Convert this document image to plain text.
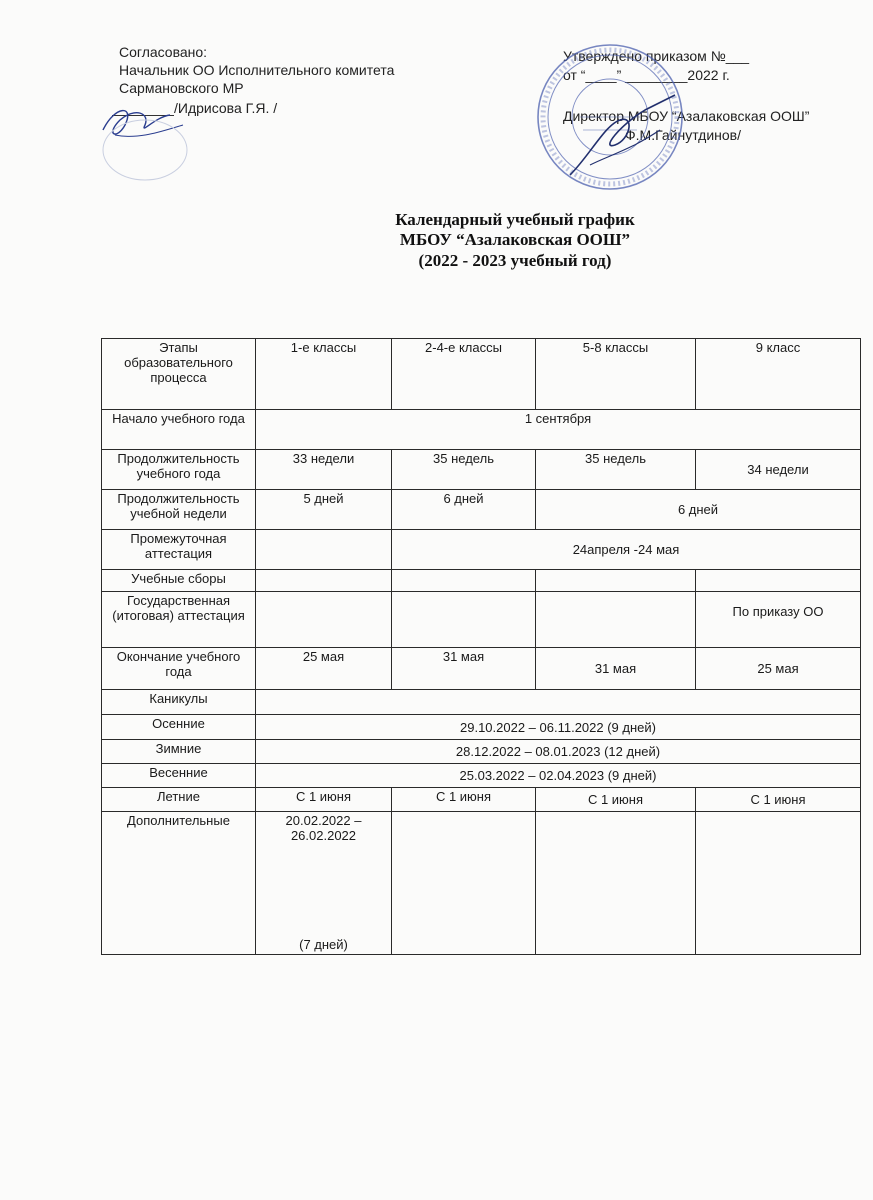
Согласовано:
Начальник ОО Исполнительного комитета
Сармановского МР
/Идрисова Г.Я. /
Утверждено приказом №___
от “____” ________2022 г.
Директор МБОУ “Азалаковская ООШ”
Ф.М.Гайнутдинов/
Календарный учебный график
МБОУ “Азалаковская ООШ”
(2022 - 2023 учебный год)
Этапы образовательного процесса	1-е классы	2-4-е классы	5-8 классы	9 класс
Начало учебного года	1 сентября			
Продолжительность учебного года	33 недели	35 недель	35 недель	34 недели
Продолжительность учебной недели	5 дней	6 дней	6 дней	
Промежуточная аттестация		24апреля -24 мая		
Учебные сборы				
Государственная (итоговая) аттестация				По приказу ОО
Окончание учебного года	25 мая	31 мая	31 мая	25 мая
Каникулы				
Осенние	29.10.2022 – 06.11.2022 (9 дней)			
Зимние	28.12.2022 – 08.01.2023 (12 дней)			
Весенние	25.03.2022 – 02.04.2023 (9 дней)			
Летние	С 1 июня	С 1 июня	С 1 июня	С 1 июня
Дополнительные	20.02.2022 –
26.02.2022
(7 дней)			
